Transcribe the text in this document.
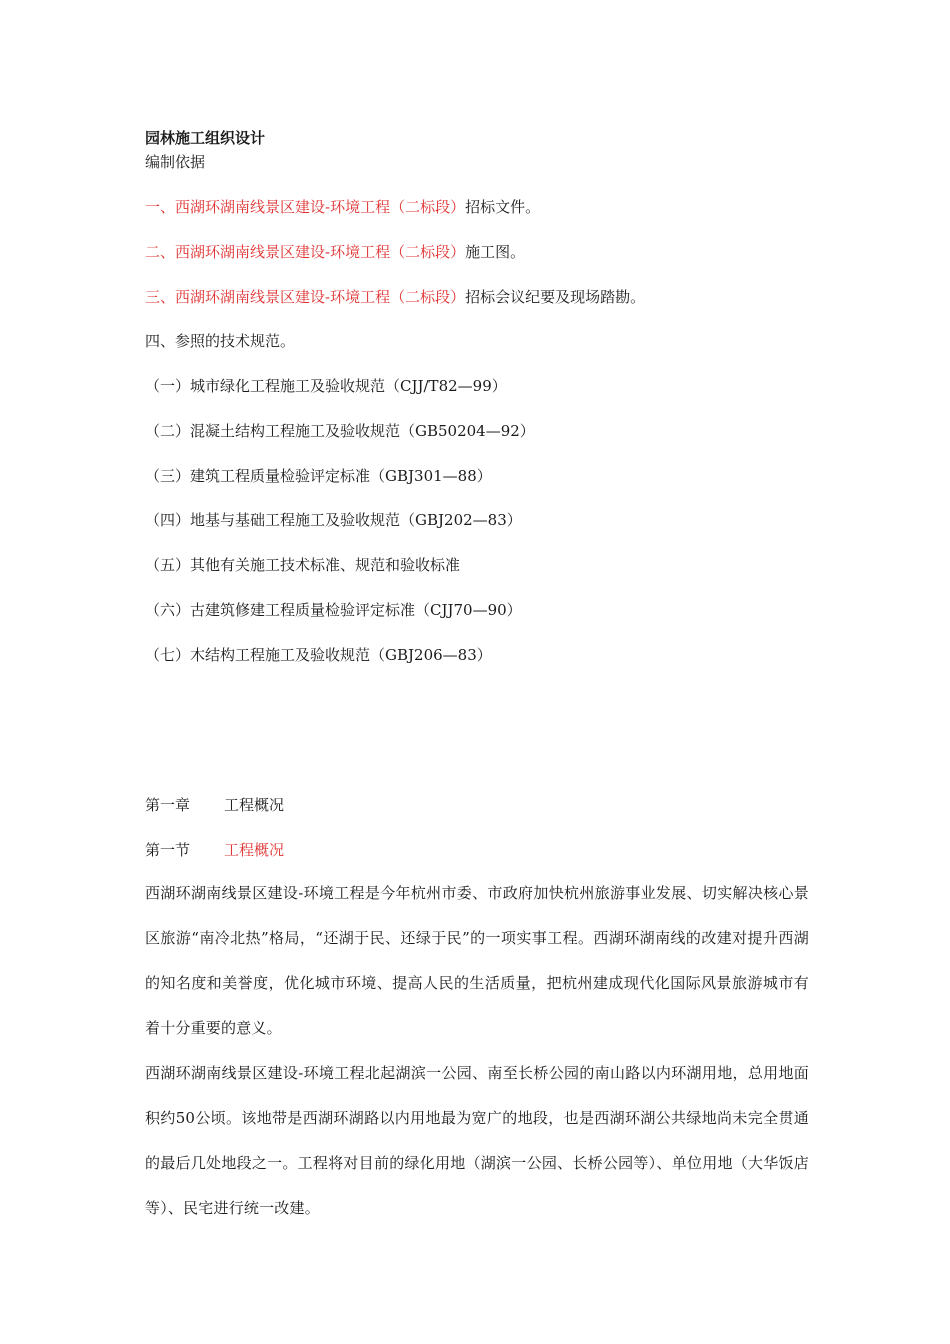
园林施工组织设计
编制依据
一、西湖环湖南线景区建设-环境工程（二标段）招标文件。
二、西湖环湖南线景区建设-环境工程（二标段）施工图。
三、西湖环湖南线景区建设-环境工程（二标段）招标会议纪要及现场踏勘。
四、参照的技术规范。
（一）城市绿化工程施工及验收规范（CJJ/T82—99）
（二）混凝土结构工程施工及验收规范（GB50204—92）
（三）建筑工程质量检验评定标准（GBJ301—88）
（四）地基与基础工程施工及验收规范（GBJ202—83）
（五）其他有关施工技术标准、规范和验收标准
（六）古建筑修建工程质量检验评定标准（CJJ70—90）
（七）木结构工程施工及验收规范（GBJ206—83）
第一章 工程概况
第一节 工程概况
西湖环湖南线景区建设-环境工程是今年杭州市委、市政府加快杭州旅游事业发展、切实解决核心景区旅游“南冷北热”格局，“还湖于民、还绿于民”的一项实事工程。西湖环湖南线的改建对提升西湖的知名度和美誉度，优化城市环境、提高人民的生活质量，把杭州建成现代化国际风景旅游城市有着十分重要的意义。
西湖环湖南线景区建设-环境工程北起湖滨一公园、南至长桥公园的南山路以内环湖用地，总用地面积约50公顷。该地带是西湖环湖路以内用地最为宽广的地段，也是西湖环湖公共绿地尚未完全贯通的最后几处地段之一。工程将对目前的绿化用地（湖滨一公园、长桥公园等）、单位用地（大华饭店等）、民宅进行统一改建。
